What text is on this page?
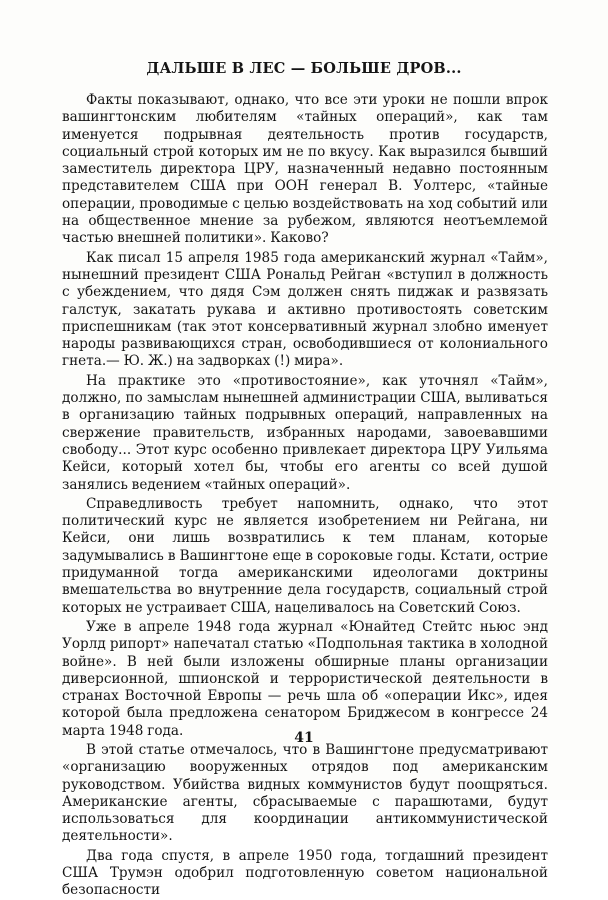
ДАЛЬШЕ В ЛЕС — БОЛЬШЕ ДРОВ...

Факты показывают, однако, что все эти уроки не пошли впрок вашингтонским любителям «тайных операций», как там именуется подрывная деятельность против государств, социальный строй которых им не по вкусу. Как выразился бывший заместитель директора ЦРУ, назначенный недавно постоянным представителем США при ООН генерал В. Уолтерс, «тайные операции, проводимые с целью воздействовать на ход событий или на общественное мнение за рубежом, являются неотъемлемой частью внешней политики». Каково?

Как писал 15 апреля 1985 года американский журнал «Тайм», нынешний президент США Рональд Рейган «вступил в должность с убеждением, что дядя Сэм должен снять пиджак и развязать галстук, закатать рукава и активно противостоять советским приспешникам (так этот консервативный журнал злобно именует народы развивающихся стран, освободившиеся от колониального гнета.— Ю. Ж.) на задворках (!) мира».

На практике это «противостояние», как уточнял «Тайм», должно, по замыслам нынешней администрации США, выливаться в организацию тайных подрывных операций, направленных на свержение правительств, избранных народами, завоевавшими свободу... Этот курс особенно привлекает директора ЦРУ Уильяма Кейси, который хотел бы, чтобы его агенты со всей душой занялись ведением «тайных операций».

Справедливость требует напомнить, однако, что этот политический курс не является изобретением ни Рейгана, ни Кейси, они лишь возвратились к тем планам, которые задумывались в Вашингтоне еще в сороковые годы. Кстати, острие придуманной тогда американскими идеологами доктрины вмешательства во внутренние дела государств, социальный строй которых не устраивает США, нацеливалось на Советский Союз.

Уже в апреле 1948 года журнал «Юнайтед Стейтс ньюс энд Уорлд рипорт» напечатал статью «Подпольная тактика в холодной войне». В ней были изложены обширные планы организации диверсионной, шпионской и террористической деятельности в странах Восточной Европы — речь шла об «операции Икс», идея которой была предложена сенатором Бриджесом в конгрессе 24 марта 1948 года.

В этой статье отмечалось, что в Вашингтоне предусматривают «организацию вооруженных отрядов под американским руководством. Убийства видных коммунистов будут поощряться. Американские агенты, сбрасываемые с парашютами, будут использоваться для координации антикоммунистической деятельности».

Два года спустя, в апреле 1950 года, тогдашний президент США Трумэн одобрил подготовленную советом национальной безопасности

41
